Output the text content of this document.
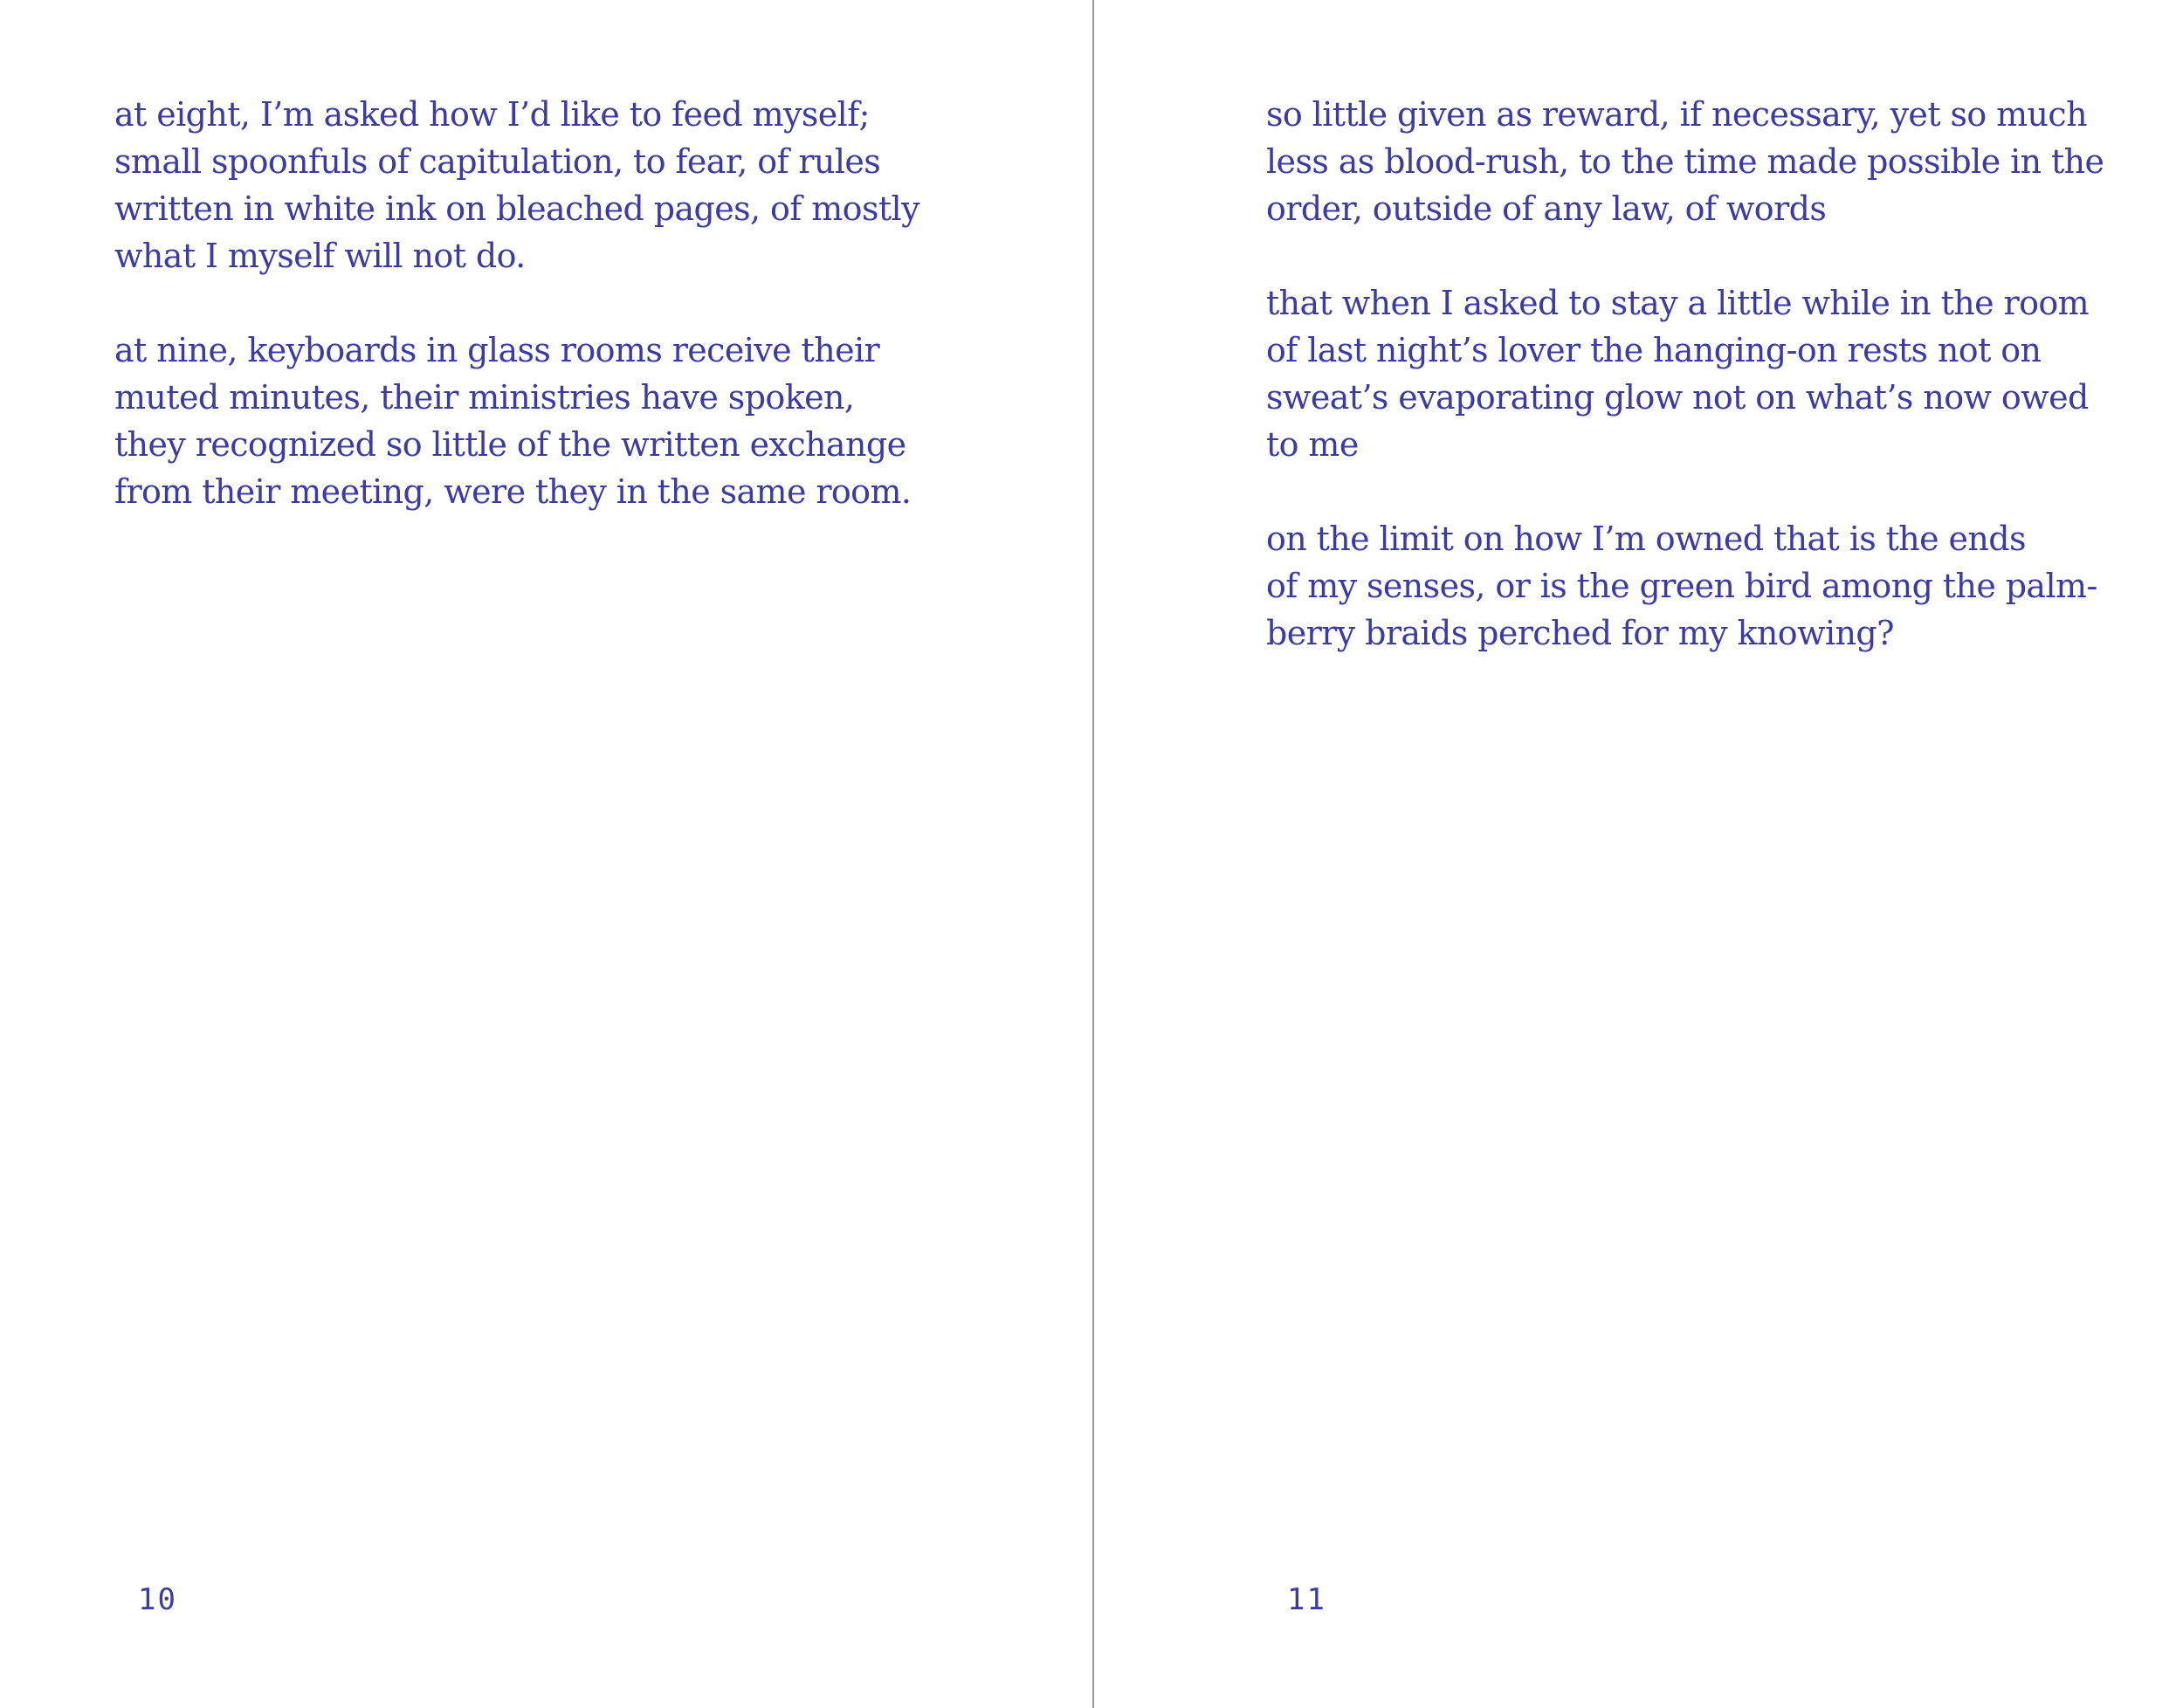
at eight, I’m asked how I’d like to feed myself;
small spoonfuls of capitulation, to fear, of rules
written in white ink on bleached pages, of mostly
what I myself will not do.
at nine, keyboards in glass rooms receive their
muted minutes, their ministries have spoken,
they recognized so little of the written exchange
from their meeting, were they in the same room.
10
so little given as reward, if necessary, yet so much
less as blood-rush, to the time made possible in the
order, outside of any law, of words
that when I asked to stay a little while in the room
of last night’s lover the hanging-on rests not on
sweat’s evaporating glow not on what’s now owed
to me
on the limit on how I’m owned that is the ends
of my senses, or is the green bird among the palm-
berry braids perched for my knowing?
11
